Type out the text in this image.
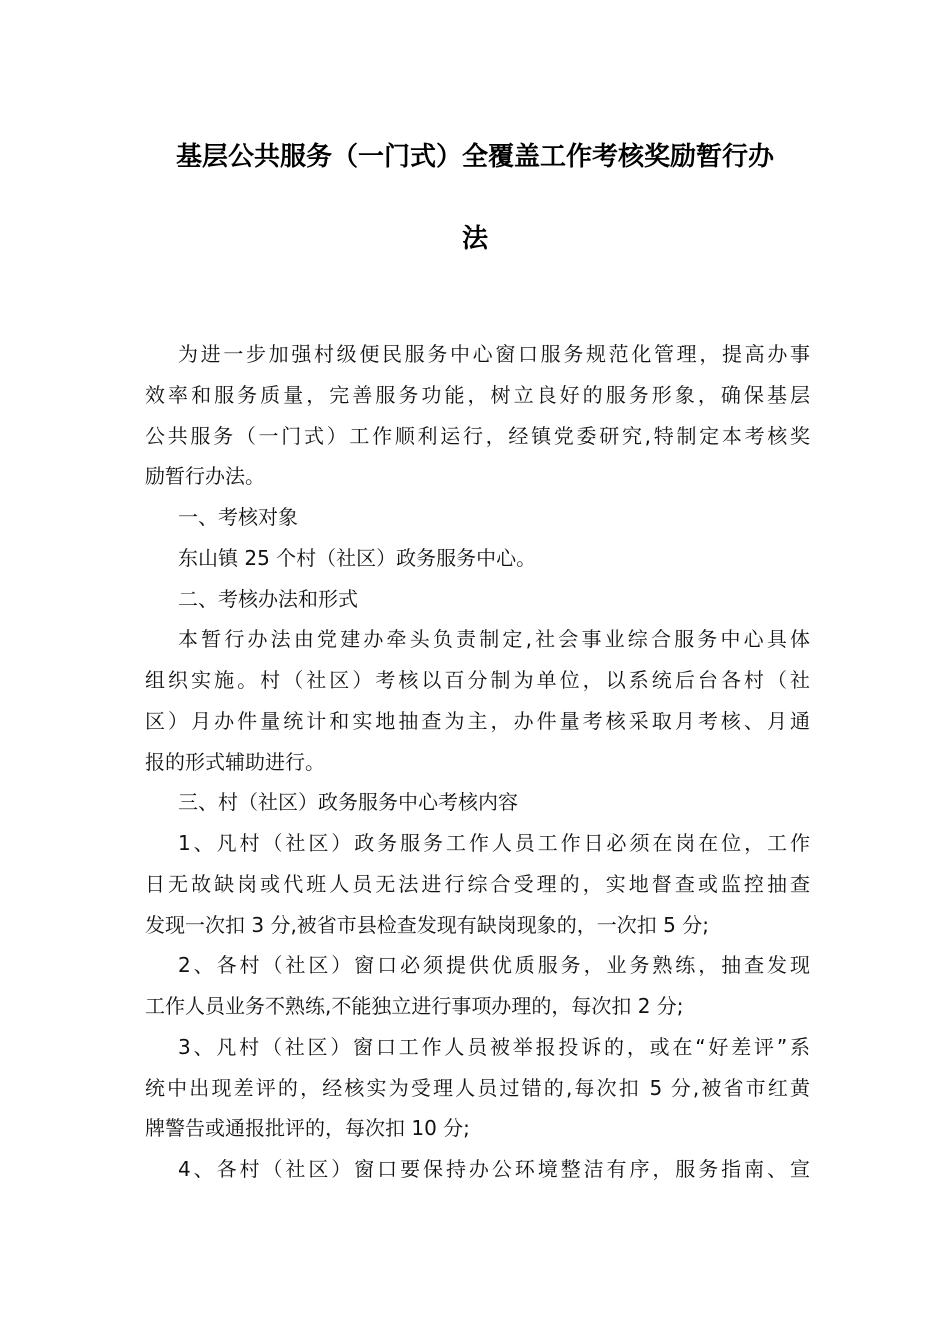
基层公共服务（一门式）全覆盖工作考核奖励暂行办
法
为进一步加强村级便民服务中心窗口服务规范化管理，提高办事
效率和服务质量，完善服务功能，树立良好的服务形象，确保基层
公共服务（一门式）工作顺利运行，经镇党委研究,特制定本考核奖
励暂行办法。
一、考核对象
东山镇 25 个村（社区）政务服务中心。
二、考核办法和形式
本暂行办法由党建办牵头负责制定,社会事业综合服务中心具体
组织实施。村（社区）考核以百分制为单位，以系统后台各村（社
区）月办件量统计和实地抽查为主，办件量考核采取月考核、月通
报的形式辅助进行。
三、村（社区）政务服务中心考核内容
1、凡村（社区）政务服务工作人员工作日必须在岗在位，工作
日无故缺岗或代班人员无法进行综合受理的，实地督查或监控抽查
发现一次扣 3 分,被省市县检查发现有缺岗现象的，一次扣 5 分;
2、各村（社区）窗口必须提供优质服务，业务熟练，抽查发现
工作人员业务不熟练,不能独立进行事项办理的，每次扣 2 分;
3、凡村（社区）窗口工作人员被举报投诉的，或在“好差评”系
统中出现差评的，经核实为受理人员过错的,每次扣 5 分,被省市红黄
牌警告或通报批评的，每次扣 10 分;
4、各村（社区）窗口要保持办公环境整洁有序，服务指南、宣
